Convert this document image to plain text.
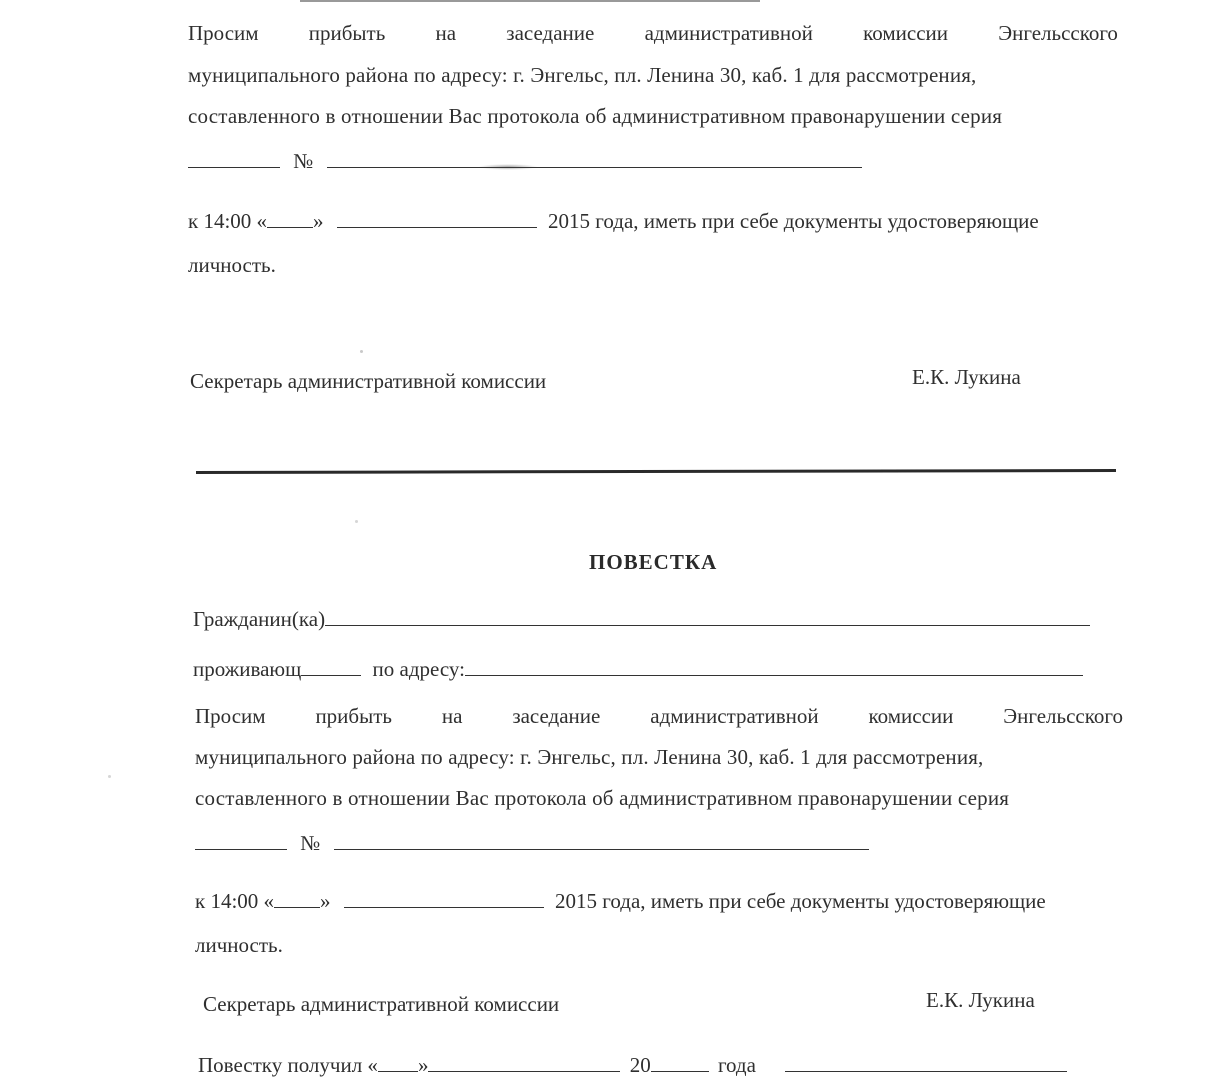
Просим прибыть на заседание административной комиссии Энгельсского
муниципального района по адресу: г. Энгельс, пл. Ленина 30, каб. 1 для рассмотрения,
составленного в отношении Вас протокола об административном правонарушении серия
№
к 14:00 « »	2015 года, иметь при себе документы удостоверяющие
личность.
Секретарь административной комиссии	Е.К. Лукина
ПОВЕСТКА
Гражданин(ка)
проживающ	по адресу:
Просим прибыть на заседание административной комиссии Энгельсского
муниципального района по адресу: г. Энгельс, пл. Ленина 30, каб. 1 для рассмотрения,
составленного в отношении Вас протокола об административном правонарушении серия
№
к 14:00 « »	2015 года, иметь при себе документы удостоверяющие
личность.
Секретарь административной комиссии	Е.К. Лукина
Повестку получил « »	20	года
